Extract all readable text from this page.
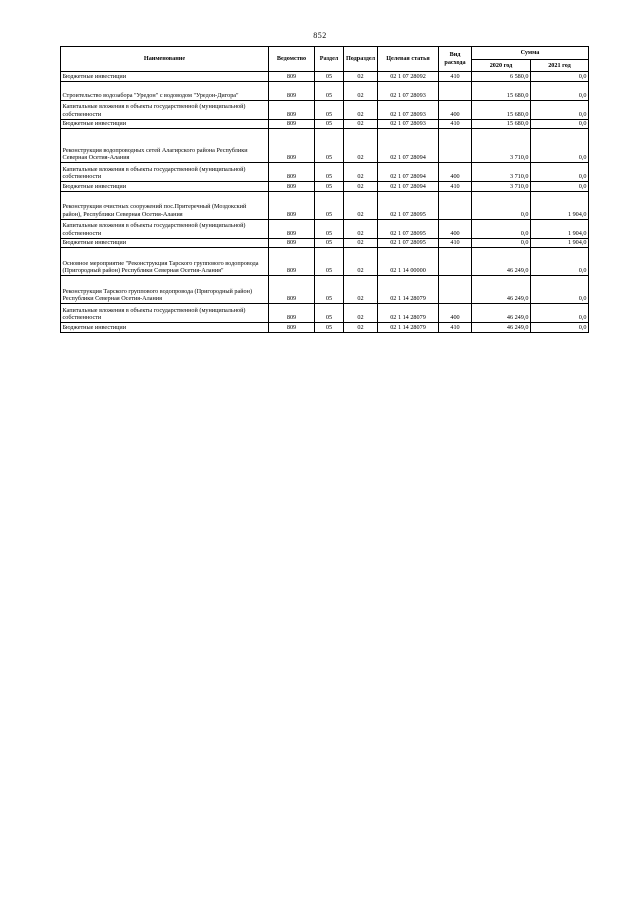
852
Наименование	Ведомство	Раздел	Подраздел	Целевая статья	Вид расхода	Сумма	
						2020 год	2021 год
Бюджетные инвестиции	809	05	02	02 1 07 28092	410	6 580,0	0,0
Строительство водозабора "Уредон" с водоводом "Уредон-Дигора"	809	05	02	02 1 07 28093		15 680,0	0,0
Капитальные вложения в объекты государственной (муниципальной) собственности	809	05	02	02 1 07 28093	400	15 680,0	0,0
Бюджетные инвестиции	809	05	02	02 1 07 28093	410	15 680,0	0,0
Реконструкция водопроводных сетей Алагирского района Республики Северная Осетия-Алания	809	05	02	02 1 07 28094		3 710,0	0,0
Капитальные вложения в объекты государственной (муниципальной) собственности	809	05	02	02 1 07 28094	400	3 710,0	0,0
Бюджетные инвестиции	809	05	02	02 1 07 28094	410	3 710,0	0,0
Реконструкция очистных сооружений пос.Притеречный (Моздокский район), Республики Северная Осетия-Алания	809	05	02	02 1 07 28095		0,0	1 904,0
Капитальные вложения в объекты государственной (муниципальной) собственности	809	05	02	02 1 07 28095	400	0,0	1 904,0
Бюджетные инвестиции	809	05	02	02 1 07 28095	410	0,0	1 904,0
Основное мероприятие "Реконструкция Тарского группового водопровода (Пригородный район) Республики Северная Осетия-Алания"	809	05	02	02 1 14 00000		46 249,0	0,0
Реконструкция Тарского группового водопровода (Пригородный район) Республики Северная Осетия-Алания	809	05	02	02 1 14 28079		46 249,0	0,0
Капитальные вложения в объекты государственной (муниципальной) собственности	809	05	02	02 1 14 28079	400	46 249,0	0,0
Бюджетные инвестиции	809	05	02	02 1 14 28079	410	46 249,0	0,0
